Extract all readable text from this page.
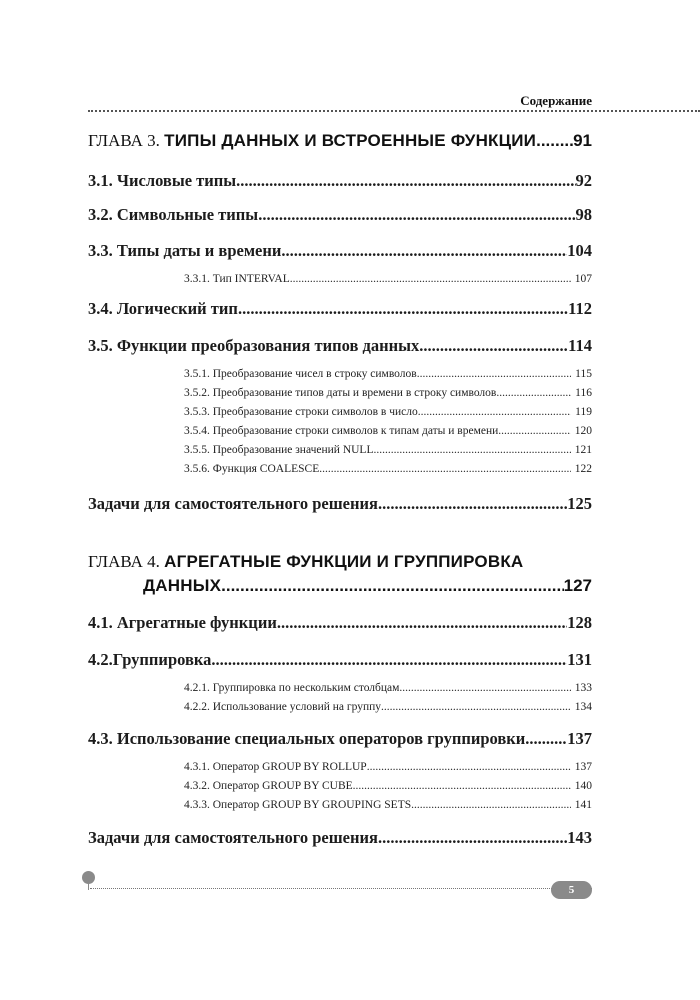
Содержание
ГЛАВА 3. ТИПЫ ДАННЫХ И ВСТРОЕННЫЕ ФУНКЦИИ ..... 91
3.1. Числовые типы .....	92
3.2. Символьные типы .....	98
3.3. Типы даты и времени .....	104
3.3.1. Тип INTERVAL .....	107
3.4. Логический тип .....	112
3.5. Функции преобразования типов данных .....	114
3.5.1. Преобразование чисел в строку символов .....	115
3.5.2. Преобразование типов даты и времени в строку символов .....	116
3.5.3. Преобразование строки символов в число .....	119
3.5.4. Преобразование строки символов к типам даты и времени .....	120
3.5.5. Преобразование значений NULL .....	121
3.5.6. Функция COALESCE .....	122
Задачи для самостоятельного решения .....	125
ГЛАВА 4. АГРЕГАТНЫЕ ФУНКЦИИ И ГРУППИРОВКА
ДАННЫХ .....	127
4.1. Агрегатные функции .....	128
4.2.Группировка .....	131
4.2.1. Группировка по нескольким столбцам .....	133
4.2.2. Использование условий на группу .....	134
4.3. Использование специальных операторов группировки .....	137
4.3.1. Оператор GROUP BY ROLLUP .....	137
4.3.2. Оператор GROUP BY CUBE .....	140
4.3.3. Оператор GROUP BY GROUPING SETS .....	141
Задачи для самостоятельного решения .....	143
5
